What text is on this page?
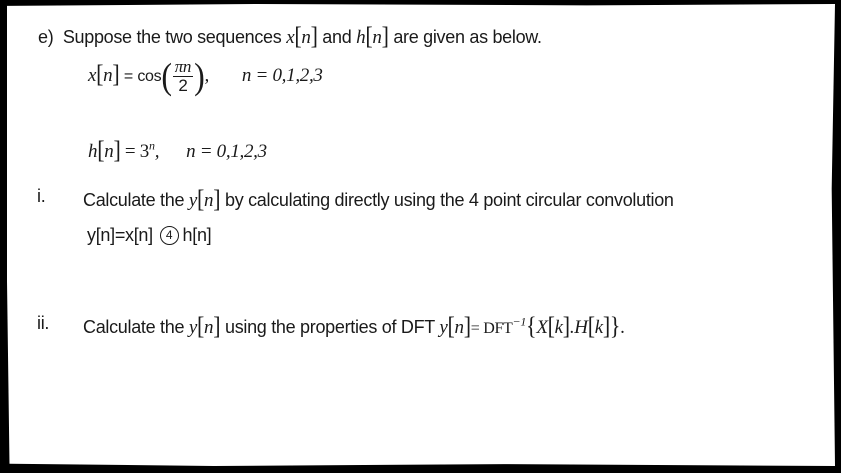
e) Suppose the two sequences x[n] and h[n] are given as below.
$x[n] = \cos( \frac{\pi n}{2}$ ), n = 0,1,2,3
$h[n] = 3^n$, n = 0,1,2,3
i. Calculate the y[n] by calculating directly using the 4 point circular convolution
y[n]=x[n] 4 h[n]
ii. Calculate the y[n] using the properties of DFT $y[n]= DFT^{-1}\{X[k].H[k]\}$.
